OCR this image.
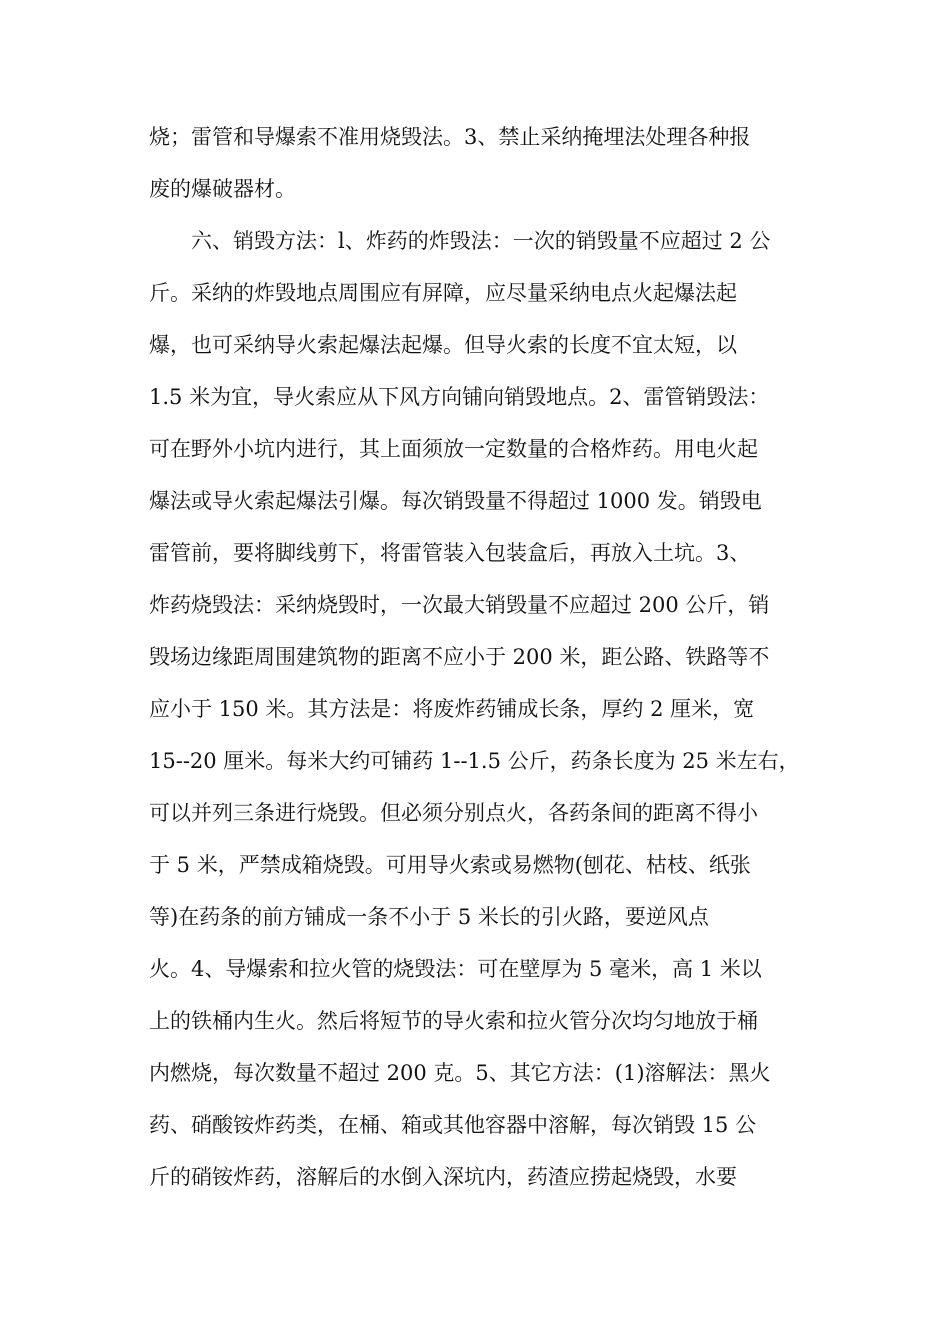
烧；雷管和导爆索不准用烧毁法。3、禁止采纳掩埋法处理各种报
废的爆破器材。
六、销毁方法：l、炸药的炸毁法：一次的销毁量不应超过 2 公
斤。采纳的炸毁地点周围应有屏障，应尽量采纳电点火起爆法起
爆，也可采纳导火索起爆法起爆。但导火索的长度不宜太短，以
1.5 米为宜，导火索应从下风方向铺向销毁地点。2、雷管销毁法：
可在野外小坑内进行，其上面须放一定数量的合格炸药。用电火起
爆法或导火索起爆法引爆。每次销毁量不得超过 1000 发。销毁电
雷管前，要将脚线剪下，将雷管装入包装盒后，再放入土坑。3、
炸药烧毁法：采纳烧毁时，一次最大销毁量不应超过 200 公斤，销
毁场边缘距周围建筑物的距离不应小于 200 米，距公路、铁路等不
应小于 150 米。其方法是：将废炸药铺成长条，厚约 2 厘米，宽
15--20 厘米。每米大约可铺药 1--1.5 公斤，药条长度为 25 米左右，
可以并列三条进行烧毁。但必须分别点火，各药条间的距离不得小
于 5 米，严禁成箱烧毁。可用导火索或易燃物(刨花、枯枝、纸张
等)在药条的前方铺成一条不小于 5 米长的引火路，要逆风点
火。4、导爆索和拉火管的烧毁法：可在壁厚为 5 毫米，高 1 米以
上的铁桶内生火。然后将短节的导火索和拉火管分次均匀地放于桶
内燃烧，每次数量不超过 200 克。5、其它方法：(1)溶解法：黑火
药、硝酸铵炸药类，在桶、箱或其他容器中溶解，每次销毁 15 公
斤的硝铵炸药，溶解后的水倒入深坑内，药渣应捞起烧毁，水要
